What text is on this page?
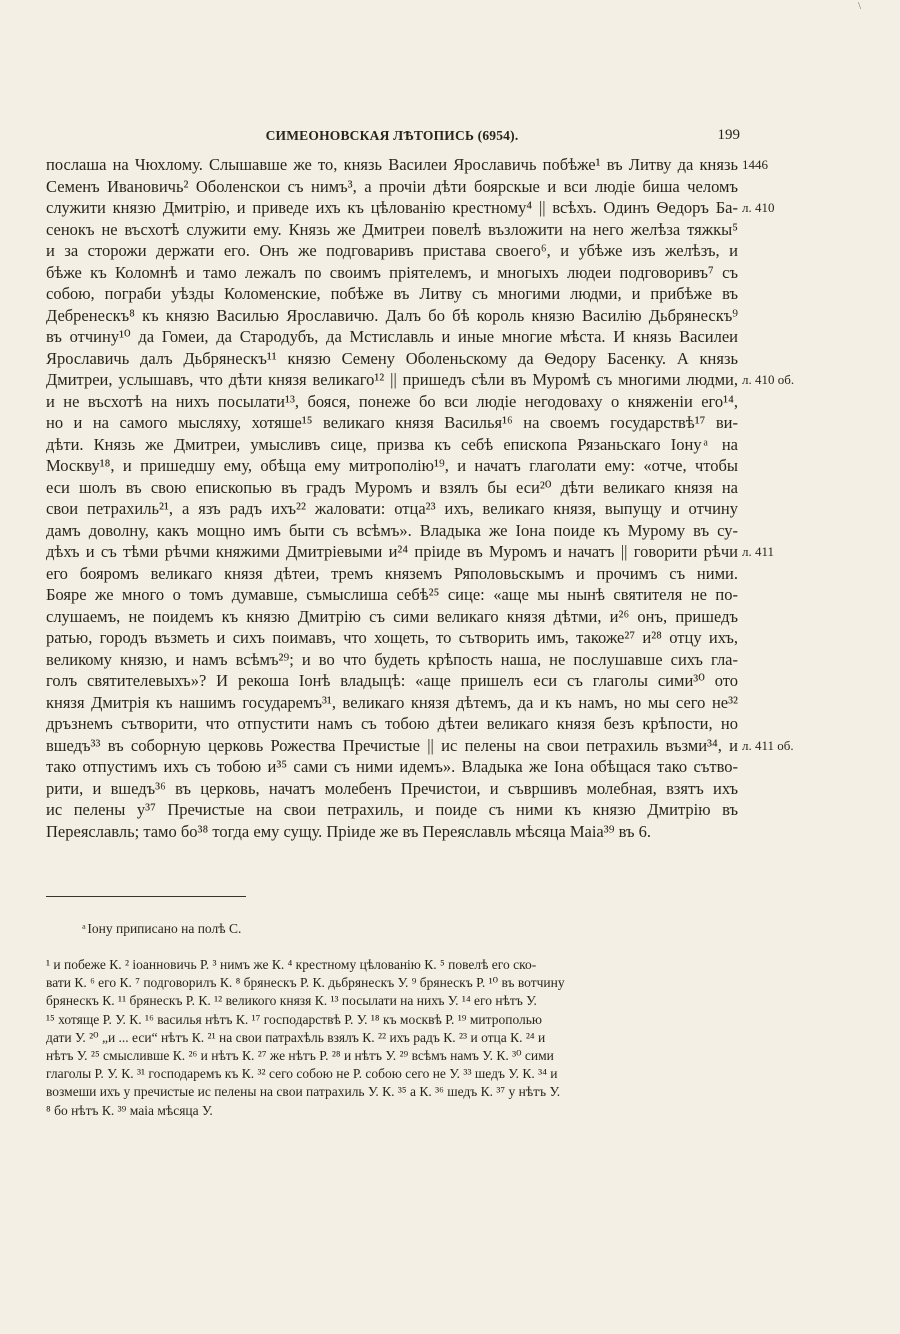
\
СИМЕОНОВСКАЯ ЛѢТОПИСЬ (6954).	199
послаша на Чюхлому. Слышавше же то, князь Василеи Ярославичь побѣже¹ въ Литву да князь
Семенъ Ивановичь² Оболенскои съ нимъ³, а прочiи дѣти боярскые и вси людiе биша челомъ
служити князю Дмитрiю, и приведе ихъ къ цѣлованiю крестному⁴ || всѣхъ. Одинъ Ѳедоръ Ба-
сенокъ не въсхотѣ служити ему. Князь же Дмитреи повелѣ възложити на него желѣза тяжкы⁵
и за сторожи держати его. Онъ же подговаривъ пристава своего⁶, и убѣже изъ желѣзъ, и
бѣже къ Коломнѣ и тамо лежалъ по своимъ прiятелемъ, и многыхъ людеи подговоривъ⁷ съ
собою, пограби уѣзды Коломенские, побѣже въ Литву съ многими людми, и прибѣже въ
Дебренескъ⁸ къ князю Василью Ярославичю. Далъ бо бѣ король князю Василiю Дьбрянескъ⁹
въ отчину¹⁰ да Гомеи, да Стародубъ, да Мстиславль и иные многие мѣста. И князь Василеи
Ярославичь далъ Дьбрянескъ¹¹ князю Семену Оболеньскому да Ѳедору Басенку. А князь
Дмитреи, услышавъ, что дѣти князя великаго¹² || пришедъ сѣли въ Муромѣ съ многими людми,
и не въсхотѣ на нихъ посылати¹³, бояся, понеже бо вси людiе негодоваху о княженiи его¹⁴,
но и на самого мысляху, хотяше¹⁵ великаго князя Василья¹⁶ на своемъ государствѣ¹⁷ ви-
дѣти. Князь же Дмитреи, умысливъ сице, призва къ себѣ епископа Рязаньскаго Iону ͣ на
Москву¹⁸, и пришедшу ему, обѣща ему митрополiю¹⁹, и начатъ глаголати ему: «отче, чтобы
еси шолъ въ свою епископью въ градъ Муромъ и взялъ бы еси²⁰ дѣти великаго князя на
свои петрахиль²¹, а язъ радъ ихъ²² жаловати: отца²³ ихъ, великаго князя, выпущу и отчину
дамъ доволну, какъ мощно имъ быти съ всѣмъ». Владыка же Iона поиде къ Мурому въ су-
дѣхъ и съ тѣми рѣчми княжими Дмитрiевыми и²⁴ прiиде въ Муромъ и начатъ || говорити рѣчи
его бояромъ великаго князя дѣтеи, тремъ княземъ Ряполовьскымъ и прочимъ съ ними.
Бояре же много о томъ думавше, съмыслиша себѣ²⁵ сице: «аще мы нынѣ святителя не по-
слушаемъ, не поидемъ къ князю Дмитрiю съ сими великаго князя дѣтми, и²⁶ онъ, пришедъ
ратью, городъ възметь и сихъ поимавъ, что хощеть, то сътворить имъ, такоже²⁷ и²⁸ отцу ихъ,
великому князю, и намъ всѣмъ²⁹; и во что будеть крѣпость наша, не послушавше сихъ гла-
голъ святителевыхъ»? И рекоша Iонѣ владыцѣ: «аще пришелъ еси съ глаголы сими³⁰ ото
князя Дмитрiя къ нашимъ государемъ³¹, великаго князя дѣтемъ, да и къ намъ, но мы сего не³²
дръзнемъ сътворити, что отпустити намъ съ тобою дѣтеи великаго князя безъ крѣпости, но
вшедъ³³ въ соборную церковь Рожества Пречистые || ис пелены на свои петрахиль възми³⁴, и
тако отпустимъ ихъ съ тобою и³⁵ сами съ ними идемъ». Владыка же Iона обѣщася тако сътво-
рити, и вшедъ³⁶ въ церковь, начатъ молебенъ Пречистои, и съвршивъ молебная, взятъ ихъ
ис пелены у³⁷ Пречистые на свои петрахиль, и поиде съ ними къ князю Дмитрiю въ
Переяславль; тамо бо³⁸ тогда ему сущу. Прiиде же въ Переяславль мѣсяца Маiа³⁹ въ 6.
1446
л. 410
л. 410 об.
л. 411
л. 411 об.
ͣ Iону приписано на полѣ С.
¹ и побеже К. ² iоанновичь Р. ³ нимъ же К. ⁴ крестному цѣлованiю К. ⁵ повелѣ его ско-
вати К. ⁶ его К. ⁷ подговорилъ К. ⁸ брянескъ Р. К. дьбрянескъ У. ⁹ брянескъ Р. ¹⁰ въ вотчину
брянескъ К. ¹¹ брянескъ Р. К. ¹² великого князя К. ¹³ посылати на нихъ У. ¹⁴ его нѣтъ У.
¹⁵ хотяще Р. У. К. ¹⁶ василья нѣтъ К. ¹⁷ господарствѣ Р. У. ¹⁸ къ москвѣ Р. ¹⁹ митрополью
дати У. ²⁰ „и ... еси“ нѣтъ К. ²¹ на свои патрахѣль взялъ К. ²² ихъ радъ К. ²³ и отца К. ²⁴ и
нѣтъ У. ²⁵ смысливше К. ²⁶ и нѣтъ К. ²⁷ же нѣтъ Р. ²⁸ и нѣтъ У. ²⁹ всѣмъ намъ У. К. ³⁰ сими
глаголы Р. У. К. ³¹ господаремъ къ К. ³² сего собою не Р. собою сего не У. ³³ шедъ У. К. ³⁴ и
возмеши ихъ у пречистые ис пелены на свои патрахиль У. К. ³⁵ а К. ³⁶ шедъ К. ³⁷ у нѣтъ У.
⁸ бо нѣтъ К. ³⁹ маiа мѣсяца У.
